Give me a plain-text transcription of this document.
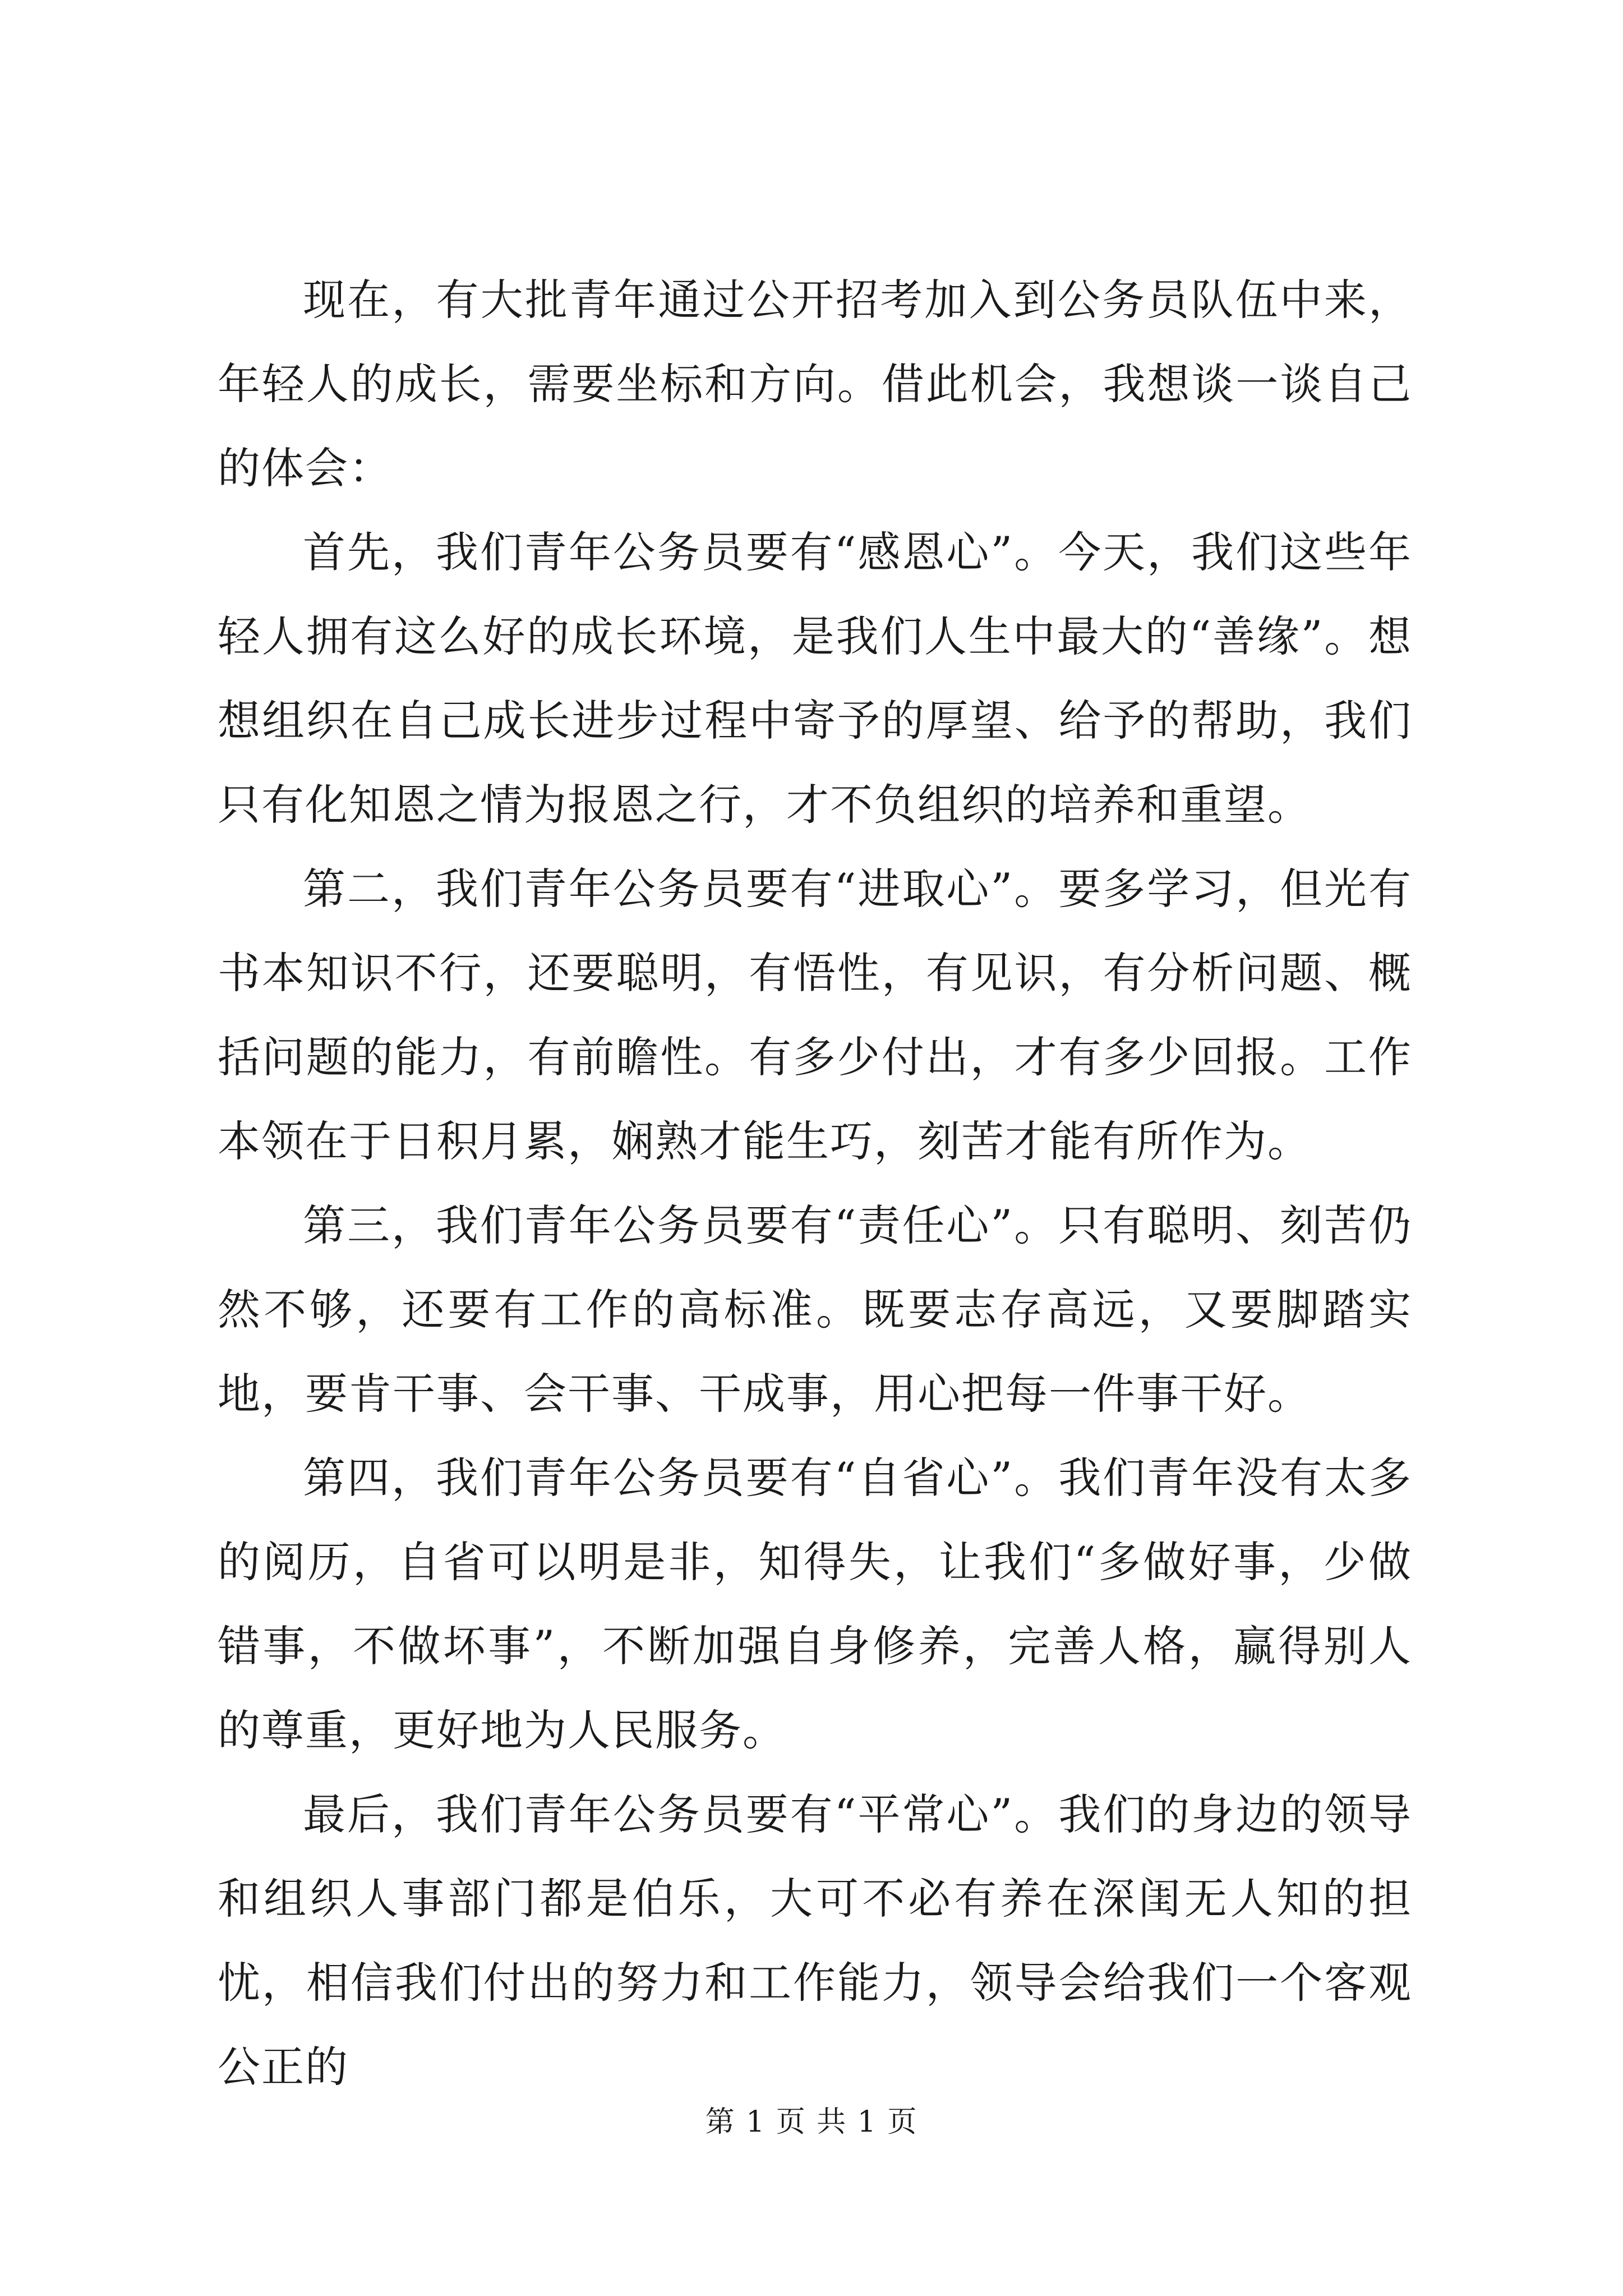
现在，有大批青年通过公开招考加入到公务员队伍中来，年轻人的成长，需要坐标和方向。借此机会，我想谈一谈自己的体会：

首先，我们青年公务员要有“感恩心”。今天，我们这些年轻人拥有这么好的成长环境，是我们人生中最大的“善缘”。想想组织在自己成长进步过程中寄予的厚望、给予的帮助，我们只有化知恩之情为报恩之行，才不负组织的培养和重望。

第二，我们青年公务员要有“进取心”。要多学习，但光有书本知识不行，还要聪明，有悟性，有见识，有分析问题、概括问题的能力，有前瞻性。有多少付出，才有多少回报。工作本领在于日积月累，娴熟才能生巧，刻苦才能有所作为。

第三，我们青年公务员要有“责任心”。只有聪明、刻苦仍然不够，还要有工作的高标准。既要志存高远，又要脚踏实地，要肯干事、会干事、干成事，用心把每一件事干好。

第四，我们青年公务员要有“自省心”。我们青年没有太多的阅历，自省可以明是非，知得失，让我们“多做好事，少做错事，不做坏事”，不断加强自身修养，完善人格，赢得别人的尊重，更好地为人民服务。

最后，我们青年公务员要有“平常心”。我们的身边的领导和组织人事部门都是伯乐，大可不必有养在深闺无人知的担忧，相信我们付出的努力和工作能力，领导会给我们一个客观公正的

第 1 页 共 1 页
